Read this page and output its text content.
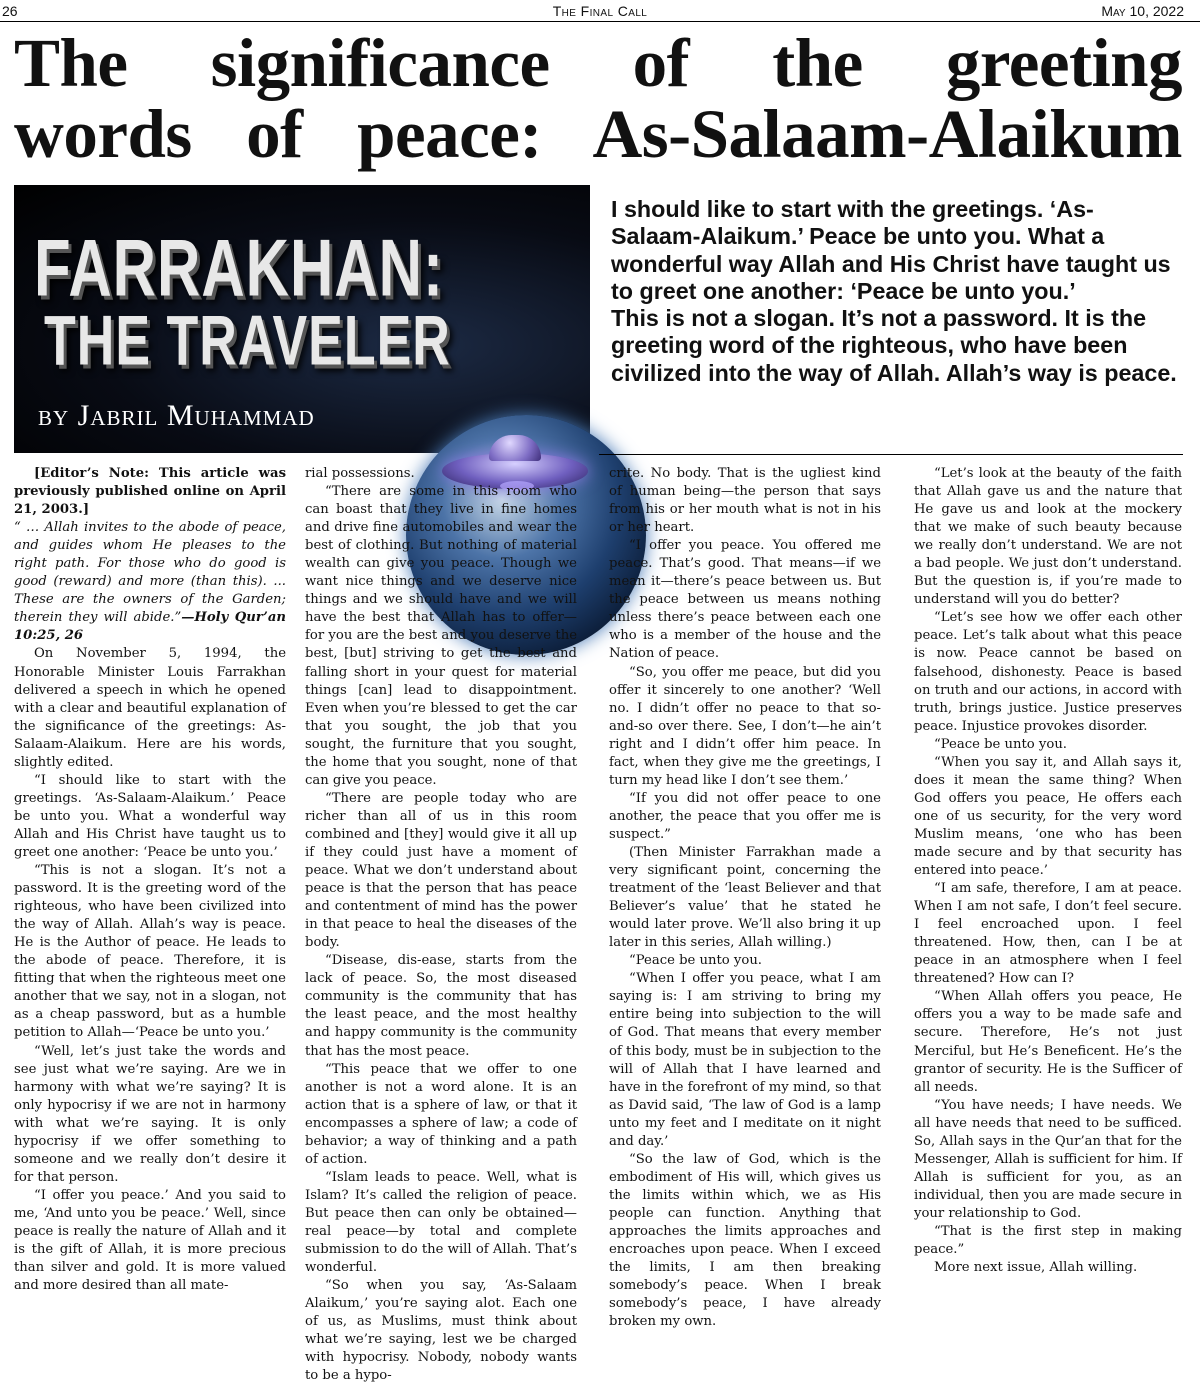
26	The Final Call	May 10, 2022
The significance of the greeting
words of peace: As-Salaam-Alaikum
FARRAKHAN:
THE TRAVELER
by Jabril Muhammad

I should like to start with the greetings. ‘As-Salaam-Alaikum.’ Peace be unto you. What a wonderful way Allah and His Christ have taught us to greet one another: ‘Peace be unto you.’

This is not a slogan. It’s not a password. It is the greeting word of the righteous, who have been civilized into the way of Allah. Allah’s way is peace.

[Editor’s Note: This article was previously published online on April 21, 2003.]

“ … Allah invites to the abode of peace, and guides whom He pleases to the right path. For those who do good is good (reward) and more (than this). ... These are the owners of the Garden; therein they will abide.”—Holy Qur’an 10:25, 26

On November 5, 1994, the Honorable Minister Louis Farrakhan delivered a speech in which he opened with a clear and beautiful explanation of the significance of the greetings: As-Salaam-Alaikum. Here are his words, slightly edited.

“I should like to start with the greetings. ‘As-Salaam-Alaikum.’ Peace be unto you. What a wonderful way Allah and His Christ have taught us to greet one another: ‘Peace be unto you.’

“This is not a slogan. It’s not a password. It is the greeting word of the righteous, who have been civilized into the way of Allah. Allah’s way is peace. He is the Author of peace. He leads to the abode of peace. Therefore, it is fitting that when the righteous meet one another that we say, not in a slogan, not as a cheap password, but as a humble petition to Allah—‘Peace be unto you.’

“Well, let’s just take the words and see just what we’re saying. Are we in harmony with what we’re saying? It is only hypocrisy if we are not in harmony with what we’re saying. It is only hypocrisy if we offer something to someone and we really don’t desire it for that person.

“I offer you peace.’ And you said to me, ‘And unto you be peace.’ Well, since peace is really the nature of Allah and it is the gift of Allah, it is more precious than silver and gold. It is more valued and more desired than all mate-

rial possessions.

“There are some in this room who can boast that they live in fine homes and drive fine automobiles and wear the best of clothing. But nothing of material wealth can give you peace. Though we want nice things and we deserve nice things and we should have and we will have the best that Allah has to offer—for you are the best and you deserve the best, [but] striving to get the best and falling short in your quest for material things [can] lead to disappointment. Even when you’re blessed to get the car that you sought, the job that you sought, the furniture that you sought, the home that you sought, none of that can give you peace.

“There are people today who are richer than all of us in this room combined and [they] would give it all up if they could just have a moment of peace. What we don’t understand about peace is that the person that has peace and contentment of mind has the power in that peace to heal the diseases of the body.

“Disease, dis-ease, starts from the lack of peace. So, the most diseased community is the community that has the least peace, and the most healthy and happy community is the community that has the most peace.

“This peace that we offer to one another is not a word alone. It is an action that is a sphere of law, or that it encompasses a sphere of law; a code of behavior; a way of thinking and a path of action.

“Islam leads to peace. Well, what is Islam? It’s called the religion of peace. But peace then can only be obtained—real peace—by total and complete submission to do the will of Allah. That’s wonderful.

“So when you say, ‘As-Salaam Alaikum,’ you’re saying alot. Each one of us, as Muslims, must think about what we’re saying, lest we be charged with hypocrisy. Nobody, nobody wants to be a hypo-

crite. No body. That is the ugliest kind of human being—the person that says from his or her mouth what is not in his or her heart.

“I offer you peace. You offered me peace. That’s good. That means—if we mean it—there’s peace between us. But the peace between us means nothing unless there’s peace between each one who is a member of the house and the Nation of peace.

“So, you offer me peace, but did you offer it sincerely to one another? ‘Well no. I didn’t offer no peace to that so-and-so over there. See, I don’t—he ain’t right and I didn’t offer him peace. In fact, when they give me the greetings, I turn my head like I don’t see them.’

“If you did not offer peace to one another, the peace that you offer me is suspect.”

(Then Minister Farrakhan made a very significant point, concerning the treatment of the ‘least Believer and that Believer’s value’ that he stated he would later prove. We’ll also bring it up later in this series, Allah willing.)

“Peace be unto you.

“When I offer you peace, what I am saying is: I am striving to bring my entire being into subjection to the will of God. That means that every member of this body, must be in subjection to the will of Allah that I have learned and have in the forefront of my mind, so that as David said, ‘The law of God is a lamp unto my feet and I meditate on it night and day.’

“So the law of God, which is the embodiment of His will, which gives us the limits within which, we as His people can function. Anything that approaches the limits approaches and encroaches upon peace. When I exceed the limits, I am then breaking somebody’s peace. When I break somebody’s peace, I have already broken my own.

“Let’s look at the beauty of the faith that Allah gave us and the nature that He gave us and look at the mockery that we make of such beauty because we really don’t understand. We are not a bad people. We just don’t understand. But the question is, if you’re made to understand will you do better?

“Let’s see how we offer each other peace. Let’s talk about what this peace is now. Peace cannot be based on falsehood, dishonesty. Peace is based on truth and our actions, in accord with truth, brings justice. Justice preserves peace. Injustice provokes disorder.

“Peace be unto you.

“When you say it, and Allah says it, does it mean the same thing? When God offers you peace, He offers each one of us security, for the very word Muslim means, ‘one who has been made secure and by that security has entered into peace.’

“I am safe, therefore, I am at peace. When I am not safe, I don’t feel secure. I feel encroached upon. I feel threatened. How, then, can I be at peace in an atmosphere when I feel threatened? How can I?

“When Allah offers you peace, He offers you a way to be made safe and secure. Therefore, He’s not just Merciful, but He’s Beneficent. He’s the grantor of security. He is the Sufficer of all needs.

“You have needs; I have needs. We all have needs that need to be sufficed. So, Allah says in the Qur’an that for the Messenger, Allah is sufficient for him. If Allah is sufficient for you, as an individual, then you are made secure in your relationship to God.

“That is the first step in making peace.”

More next issue, Allah willing.
